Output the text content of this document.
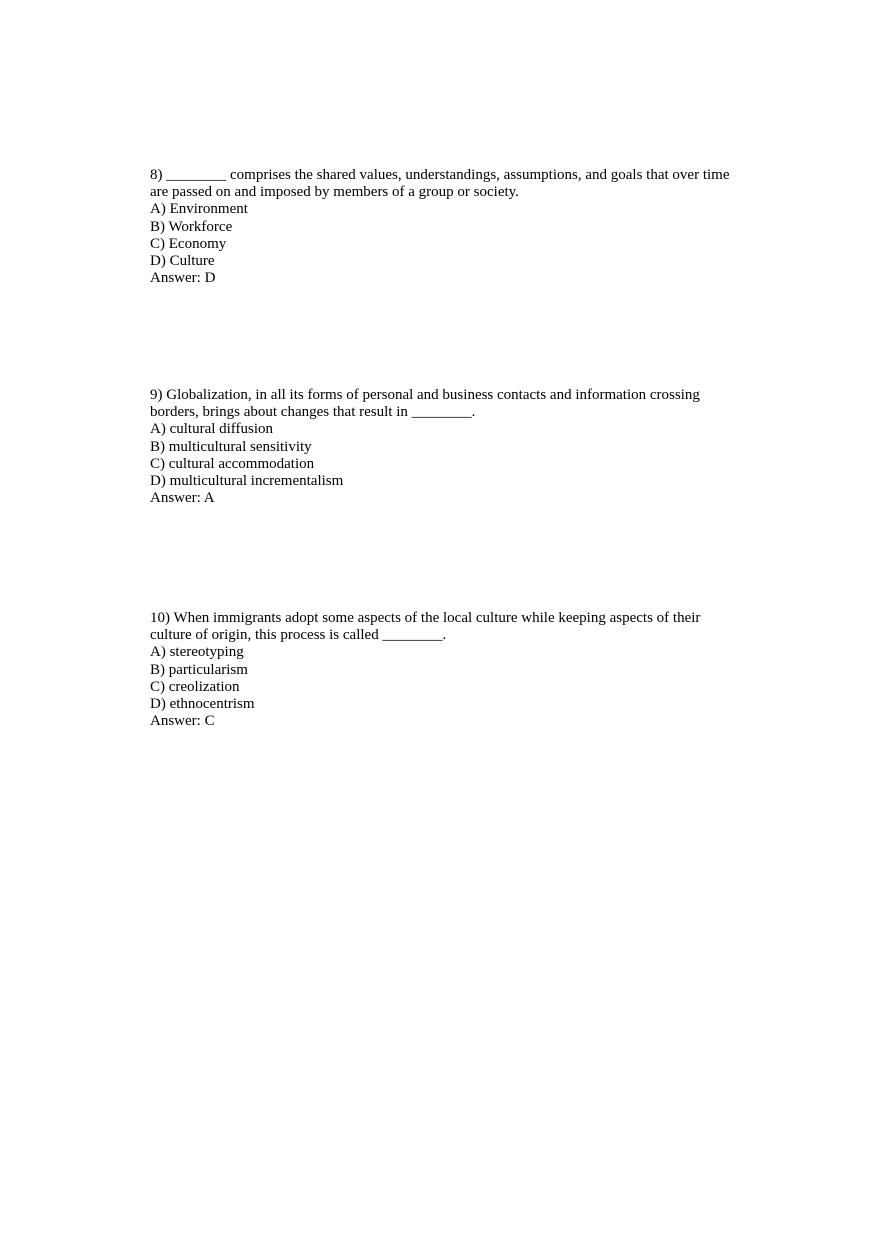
8) ________ comprises the shared values, understandings, assumptions, and goals that over time

are passed on and imposed by members of a group or society.

A) Environment

B) Workforce

C) Economy

D) Culture

Answer: D

9) Globalization, in all its forms of personal and business contacts and information crossing

borders, brings about changes that result in ________.

A) cultural diffusion

B) multicultural sensitivity

C) cultural accommodation

D) multicultural incrementalism

Answer: A

10) When immigrants adopt some aspects of the local culture while keeping aspects of their

culture of origin, this process is called ________.

A) stereotyping

B) particularism

C) creolization

D) ethnocentrism

Answer: C
